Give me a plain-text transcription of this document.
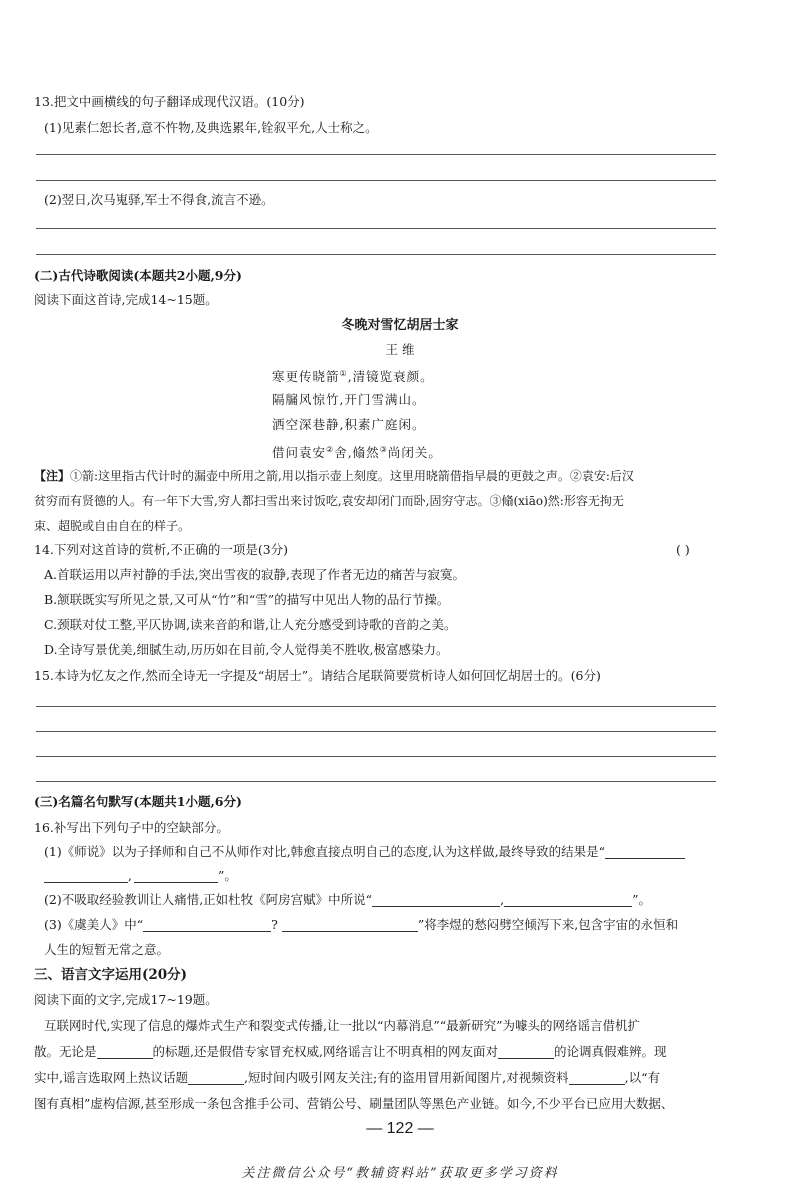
13.把文中画横线的句子翻译成现代汉语。(10分)
(1)见素仁恕长者,意不忤物,及典选累年,铨叙平允,人士称之。
(2)翌日,次马嵬驿,军士不得食,流言不逊。
(二)古代诗歌阅读(本题共2小题,9分)
阅读下面这首诗,完成14~15题。
冬晚对雪忆胡居士家
王 维
寒更传晓箭①,清镜览衰颜。
隔牖风惊竹,开门雪满山。
洒空深巷静,积素广庭闲。
借问袁安②舍,翛然③尚闭关。
【注】①箭:这里指古代计时的漏壶中所用之箭,用以指示壶上刻度。这里用晓箭借指早晨的更鼓之声。②袁安:后汉
贫穷而有贤德的人。有一年下大雪,穷人都扫雪出来讨饭吃,袁安却闭门而卧,固穷守志。③翛(xiāo)然:形容无拘无
束、超脱或自由自在的样子。
14.下列对这首诗的赏析,不正确的一项是(3分)	( )
A.首联运用以声衬静的手法,突出雪夜的寂静,表现了作者无边的痛苦与寂寞。
B.颔联既实写所见之景,又可从“竹”和“雪”的描写中见出人物的品行节操。
C.颈联对仗工整,平仄协调,读来音韵和谐,让人充分感受到诗歌的音韵之美。
D.全诗写景优美,细腻生动,历历如在目前,令人觉得美不胜收,极富感染力。
15.本诗为忆友之作,然而全诗无一字提及“胡居士”。请结合尾联简要赏析诗人如何回忆胡居士的。(6分)
(三)名篇名句默写(本题共1小题,6分)
16.补写出下列句子中的空缺部分。
(1)《师说》以为子择师和自己不从师作对比,韩愈直接点明自己的态度,认为这样做,最终导致的结果是“
,	”。
(2)不吸取经验教训让人痛惜,正如杜牧《阿房宫赋》中所说“	,	”。
(3)《虞美人》中“	?	”将李煜的愁闷劈空倾泻下来,包含宇宙的永恒和
人生的短暂无常之意。
三、语言文字运用(20分)
阅读下面的文字,完成17~19题。
互联网时代,实现了信息的爆炸式生产和裂变式传播,让一批以“内幕消息”“最新研究”为噱头的网络谣言借机扩
散。无论是	的标题,还是假借专家冒充权威,网络谣言让不明真相的网友面对	的论调真假难辨。现
实中,谣言选取网上热议话题	,短时间内吸引网友关注;有的盗用冒用新闻图片,对视频资料	,以“有
图有真相”虚构信源,甚至形成一条包含推手公司、营销公号、刷量团队等黑色产业链。如今,不少平台已应用大数据、
— 122 —
关注微信公众号“教辅资料站”获取更多学习资料
